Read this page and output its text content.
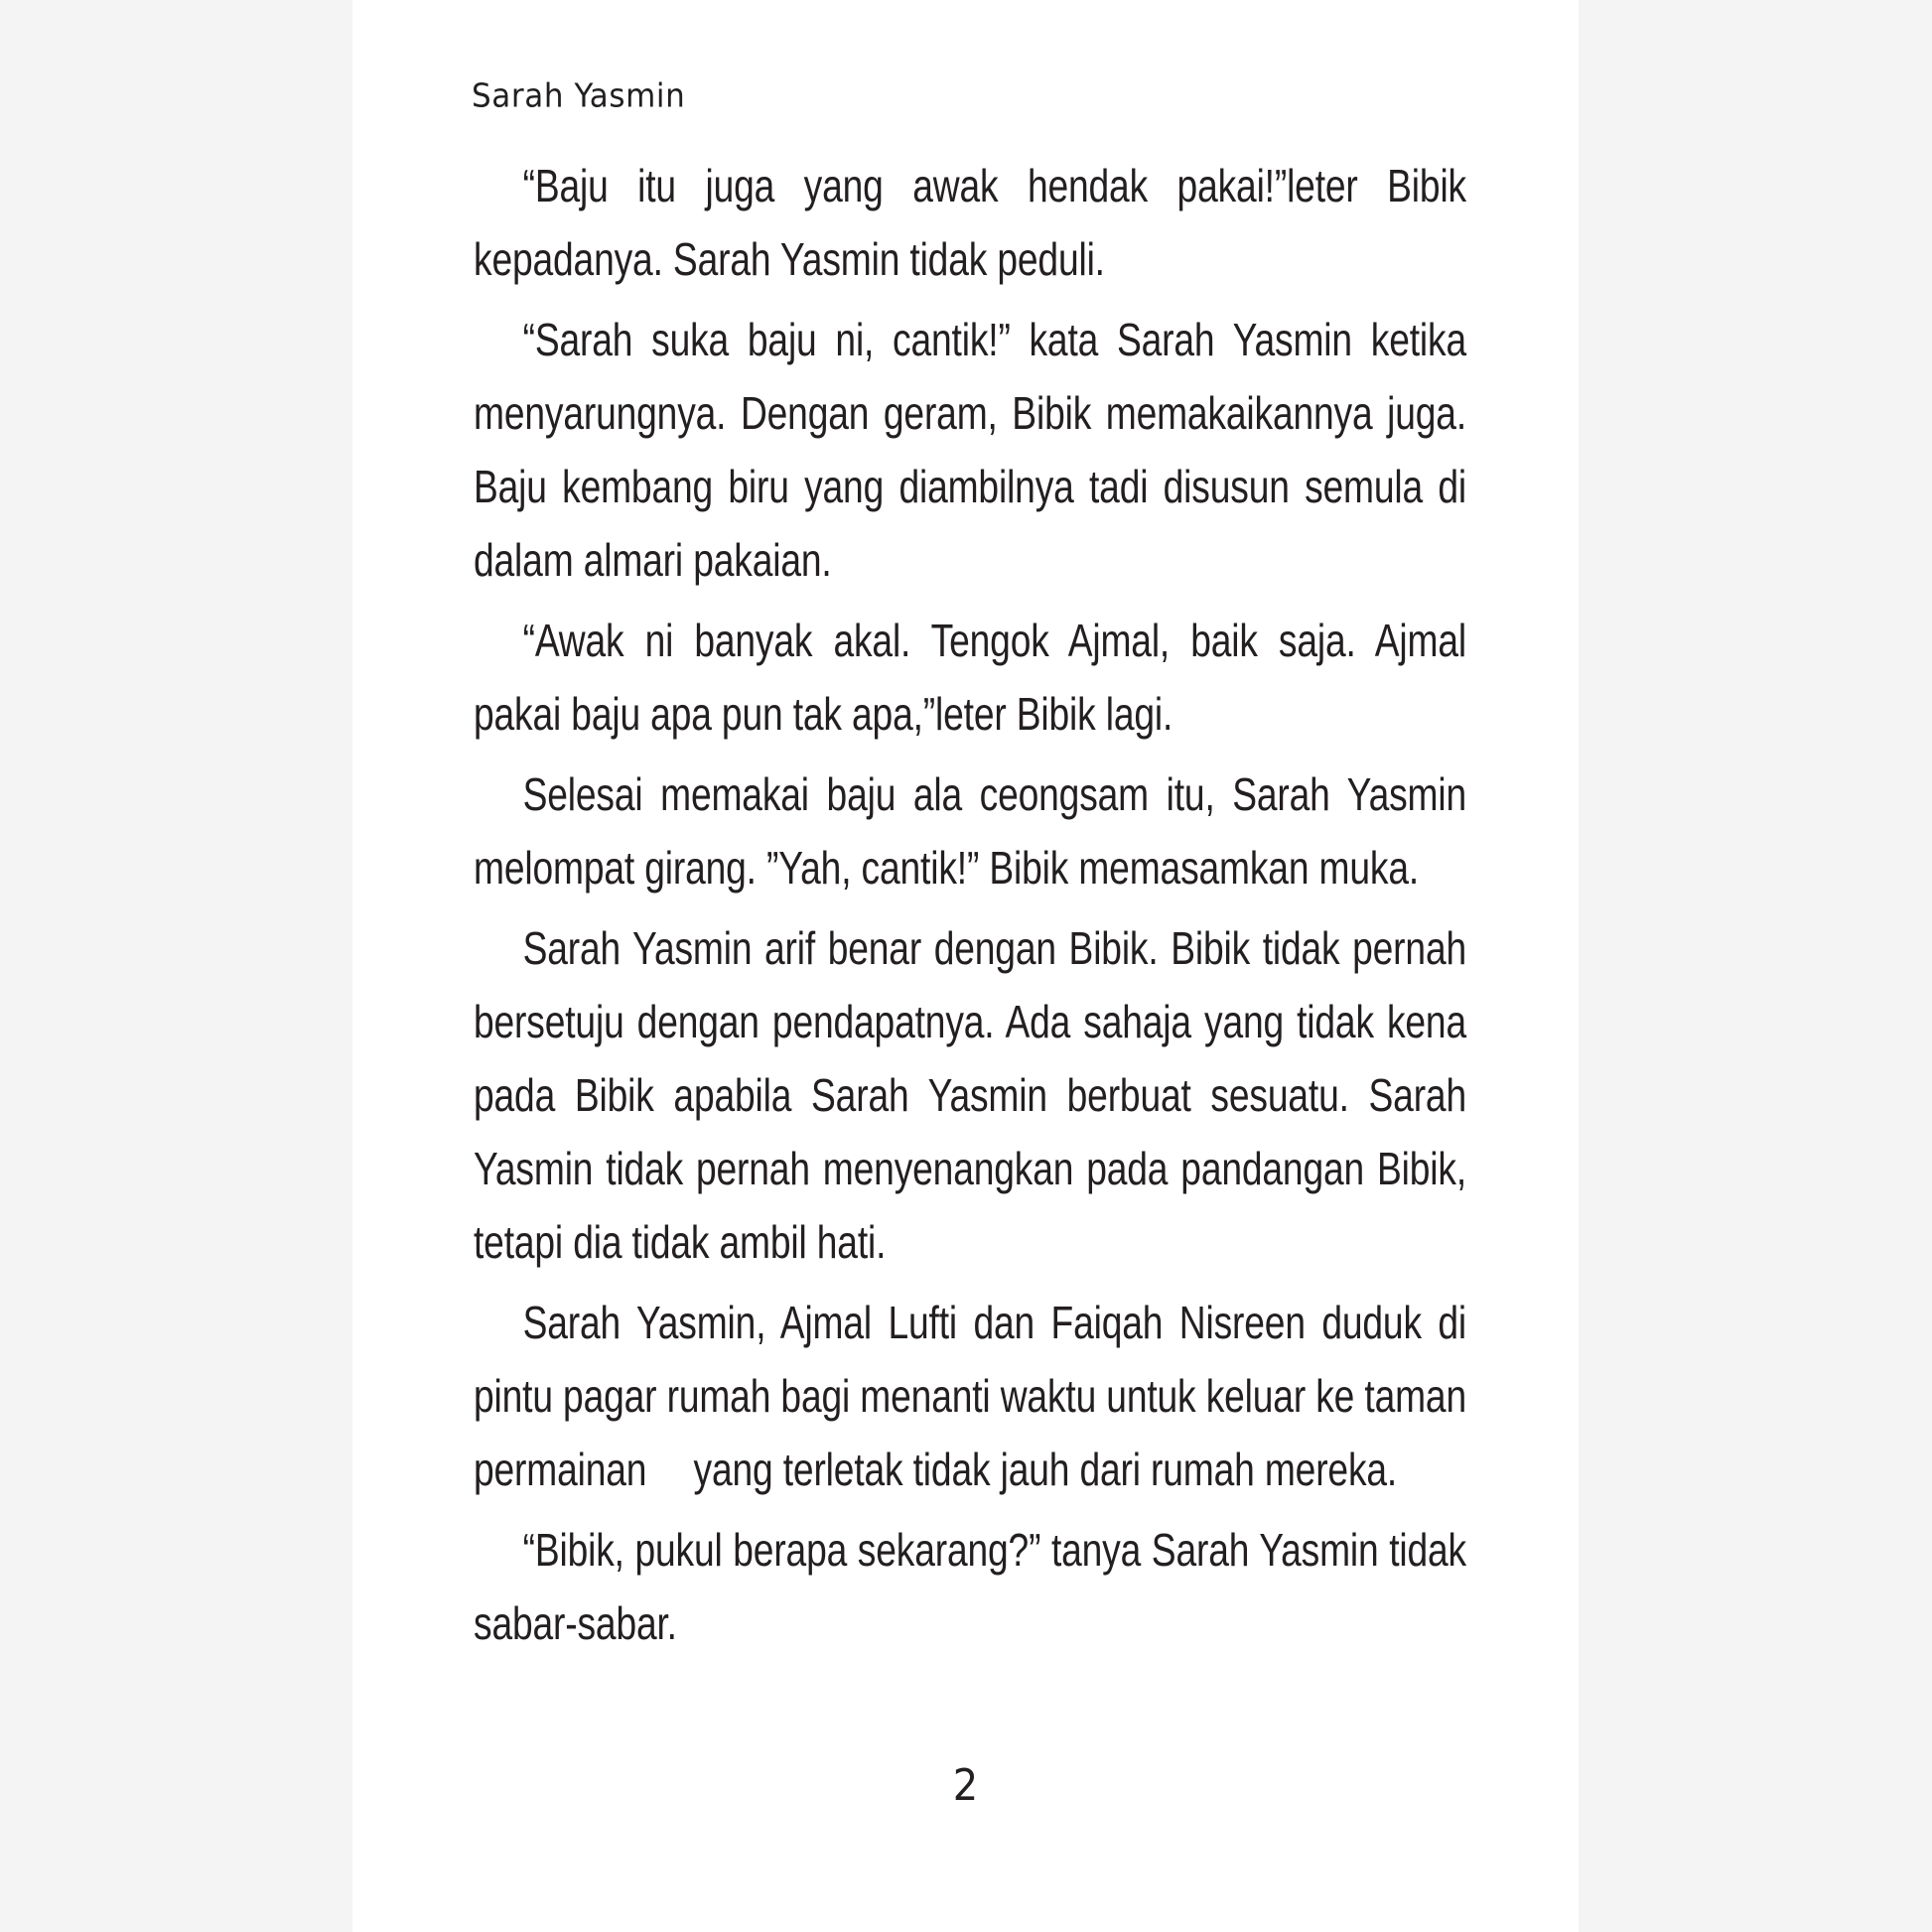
Sarah Yasmin

“Baju itu juga yang awak hendak pakai!”leter Bibik kepadanya. Sarah Yasmin tidak peduli.

“Sarah suka baju ni, cantik!” kata Sarah Yasmin ketika menyarungnya. Dengan geram, Bibik memakaikannya juga. Baju kembang biru yang diambilnya tadi disusun semula di dalam almari pakaian.

“Awak ni banyak akal. Tengok Ajmal, baik saja. Ajmal pakai baju apa pun tak apa,”leter Bibik lagi.

Selesai memakai baju ala ceongsam itu, Sarah Yasmin melompat girang. ”Yah, cantik!” Bibik memasamkan muka.

Sarah Yasmin arif benar dengan Bibik. Bibik tidak pernah bersetuju dengan pendapatnya. Ada sahaja yang tidak kena pada Bibik apabila Sarah Yasmin berbuat sesuatu. Sarah Yasmin tidak pernah menyenangkan pada pandangan Bibik, tetapi dia tidak ambil hati.

Sarah Yasmin, Ajmal Lufti dan Faiqah Nisreen duduk di pintu pagar rumah bagi menanti waktu untuk keluar ke taman permainan  yang terletak tidak jauh dari rumah mereka.

“Bibik, pukul berapa sekarang?” tanya Sarah Yasmin tidak sabar-sabar.

2
